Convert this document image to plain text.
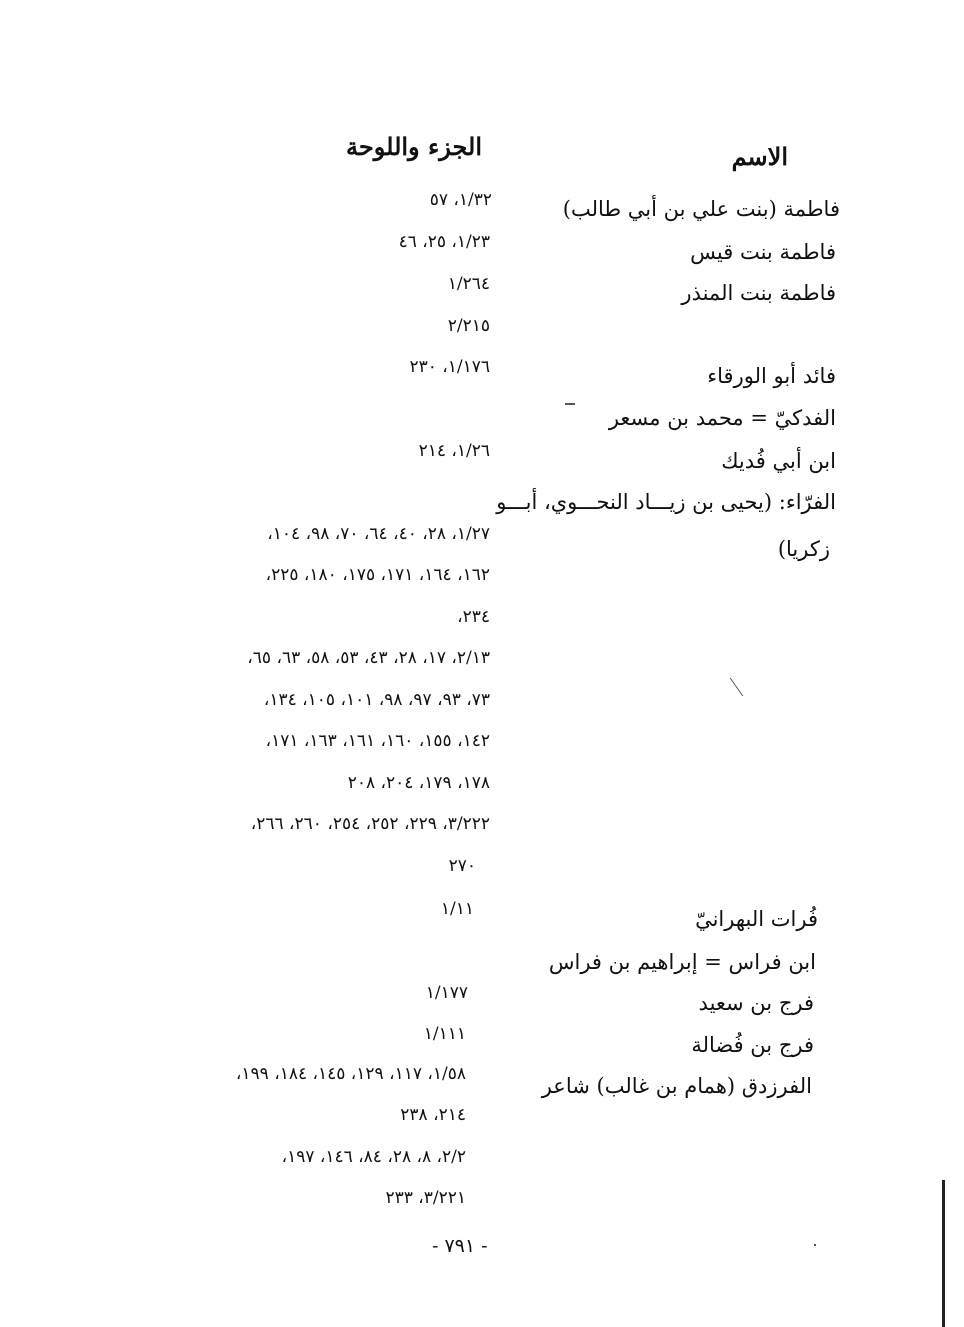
الاسم
الجزء واللوحة
فاطمة (بنت علي بن أبي طالب)
فاطمة بنت قيس
فاطمة بنت المنذر
فائد أبو الورقاء
الفدكيّ = محمد بن مسعر
ابن أبي فُديك
الفرّاء: (يحيى بن زيـــاد النحـــوي، أبـــو
زكريا)
فُرات البهرانيّ
ابن فراس = إبراهيم بن فراس
فرج بن سعيد
فرج بن فُضالة
الفرزدق (همام بن غالب) شاعر
١/٣٢، ٥٧
١/٢٣، ٢٥، ٤٦
١/٢٦٤
٢/٢١٥
١/١٧٦، ٢٣٠
١/٢٦، ٢١٤
١/٢٧، ٢٨، ٤٠، ٦٤، ٧٠، ٩٨، ١٠٤،
١٦٢، ١٦٤، ١٧١، ١٧٥، ١٨٠، ٢٢٥،
٢٣٤،
٢/١٣، ١٧، ٢٨، ٤٣، ٥٣، ٥٨، ٦٣، ٦٥،
٧٣، ٩٣، ٩٧، ٩٨، ١٠١، ١٠٥، ١٣٤،
١٤٢، ١٥٥، ١٦٠، ١٦١، ١٦٣، ١٧١،
١٧٨، ١٧٩، ٢٠٤، ٢٠٨
٣/٢٢٢، ٢٢٩، ٢٥٢، ٢٥٤، ٢٦٠، ٢٦٦،
٢٧٠
١/١١
١/١٧٧
١/١١١
١/٥٨، ١١٧، ١٢٩، ١٤٥، ١٨٤، ١٩٩،
٢١٤، ٢٣٨
٢/٢، ٨، ٢٨، ٨٤، ١٤٦، ١٩٧،
٣/٢٢١، ٢٣٣
- ٧٩١ -
